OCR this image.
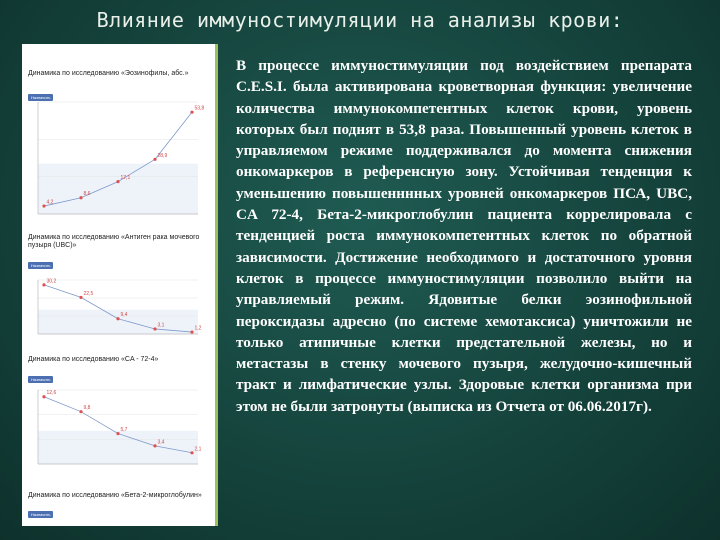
Влияние иммуностимуляции на анализы крови:
Динамика по исследованию «Эозинофилы, абс.»
Назначить
4,2
8,6
17,1
28,9
53,8
Динамика по исследованию «Антиген рака мочевого пузыря (UBC)»
Назначить
30,2
22,5
9,4
3,1
1,2
Динамика по исследованию «CA - 72-4»
Назначить
12,6
9,8
5,7
3,4
2,1
Динамика по исследованию «Бета-2-микроглобулин»
Назначить

В процессе иммуностимуляции под воздействием препарата C.E.S.I. была активирована кроветворная функция: увеличение количества иммунокомпетентных клеток крови, уровень которых был поднят в 53,8 раза. Повышенный уровень клеток в управляемом режиме поддерживался до момента снижения онкомаркеров в референсную зону. Устойчивая тенденция к уменьшению повышенннных уровней онкомаркеров ПСА, UBC, CA 72-4, Бета-2-микроглобулин пациента коррелировала с тенденцией роста иммунокомпетентных клеток по обратной зависимости. Достижение необходимого и достаточного уровня клеток в процессе иммуностимуляции позволило выйти на управляемый режим. Ядовитые белки эозинофильной пероксидазы адресно (по системе хемотаксиса) уничтожили не только атипичные клетки предстательной железы, но и метастазы в стенку мочевого пузыря, желудочно-кишечный тракт и лимфатические узлы. Здоровые клетки организма при этом не были затронуты (выписка из Отчета от 06.06.2017г).
